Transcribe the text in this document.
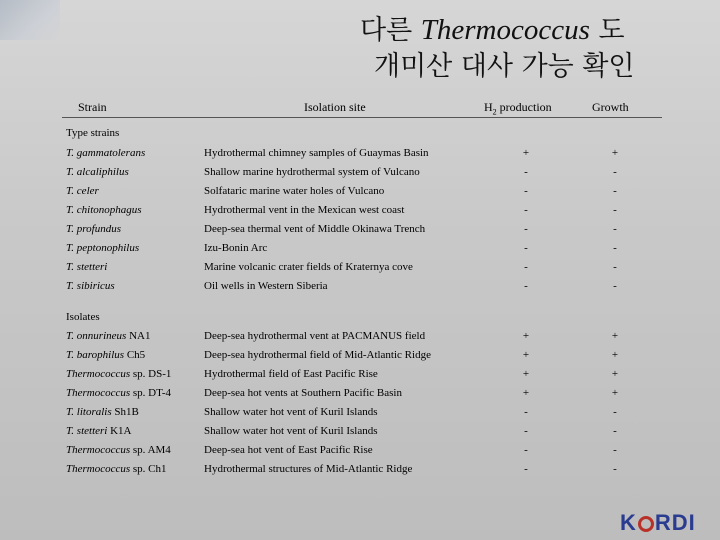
다른 Thermococcus 도
개미산 대사 가능 확인
Strain	Isolation site	$H_2$ production	Growth
Type strains
T. gammatolerans	Hydrothermal chimney samples of Guaymas Basin	+	+
T. alcaliphilus	Shallow marine hydrothermal system of Vulcano	-	-
T. celer	Solfataric marine water holes of Vulcano	-	-
T. chitonophagus	Hydrothermal vent in the Mexican west coast	-	-
T. profundus	Deep-sea thermal vent of Middle Okinawa Trench	-	-
T. peptonophilus	Izu-Bonin Arc	-	-
T. stetteri	Marine volcanic crater fields of Kraternya cove	-	-
T. sibiricus	Oil wells in Western Siberia	-	-
Isolates
T. onnurineus NA1	Deep-sea hydrothermal vent at PACMANUS field	+	+
T. barophilus Ch5	Deep-sea hydrothermal field of Mid-Atlantic Ridge	+	+
Thermococcus sp. DS-1	Hydrothermal field of East Pacific Rise	+	+
Thermococcus sp. DT-4	Deep-sea hot vents at Southern Pacific Basin	+	+
T. litoralis Sh1B	Shallow water hot vent of Kuril Islands	-	-
T. stetteri K1A	Shallow water hot vent of Kuril Islands	-	-
Thermococcus sp. AM4	Deep-sea hot vent of East Pacific Rise	-	-
Thermococcus sp. Ch1	Hydrothermal structures of Mid-Atlantic Ridge	-	-
K RDI
